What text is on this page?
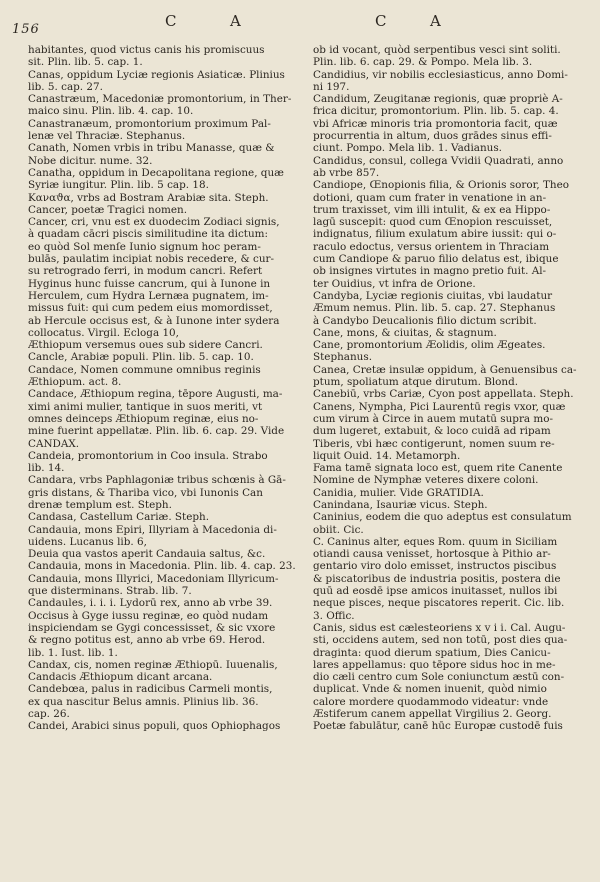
156	C	A	C	A
habitantes, quod victus canis his promiscuus
sit. Plin. lib. 5. cap. 1.
Canas, oppidum Lyciæ regionis Asiaticæ. Plinius
lib. 5. cap. 27.
Canastræum, Macedoniæ promontorium, in Ther-
maico sinu. Plin. lib. 4. cap. 10.
Canastranæum, promontorium proximum Pal-
lenæ vel Thraciæ. Stephanus.
Canath, Nomen vrbis in tribu Manasse, quæ &
Nobe dicitur. nume. 32.
Canatha, oppidum in Decapolitana regione, quæ
Syriæ iungitur. Plin. lib. 5 cap. 18.
Καναϑα, vrbs ad Bostram Arabiæ sita. Steph.
Cancer, poetæ Tragici nomen.
Cancer, cri, vnu est ex duodecim Zodiaci signis,
à quadam cācri piscis similitudine ita dictum:
eo quòd Sol menſe Iunio signum hoc peram-
bulās, paulatim incipiat nobis recedere, & cur-
su retrogrado ferri, in modum cancri. Refert
Hyginus hunc fuisse cancrum, qui à Iunone in
Herculem, cum Hydra Lernæa pugnatem, im-
missus fuit: qui cum pedem eius momordisset,
ab Hercule occisus est, & à Iunone inter sydera
collocatus. Virgil. Ecloga 10,
Æthiopum versemus oues sub sidere Cancri.
Cancle, Arabiæ populi. Plin. lib. 5. cap. 10.
Candace, Nomen commune omnibus reginis
Æthiopum. act. 8.
Candace, Æthiopum regina, tēpore Augusti, ma-
ximi animi mulier, tantique in suos meriti, vt
omnes deinceps Æthiopum reginæ, eius no-
mine fuerint appellatæ. Plin. lib. 6. cap. 29. Vide
CANDAX.
Candeia, promontorium in Coo insula. Strabo
lib. 14.
Candara, vrbs Paphlagoniæ tribus schœnis à Gā-
gris distans, & Thariba vico, vbi Iunonis Can
drenæ templum est. Steph.
Candasa, Castellum Cariæ. Steph.
Candauia, mons Epiri, Illyriam à Macedonia di-
uidens. Lucanus lib. 6,
Deuia qua vastos aperit Candauia saltus, &c.
Candauia, mons in Macedonia. Plin. lib. 4. cap. 23.
Candauia, mons Illyrici, Macedoniam Illyricum-
que disterminans. Strab. lib. 7.
Candaules, i. i. i. Lydorū rex, anno ab vrbe 39.
Occisus à Gyge iussu reginæ, eo quòd nudam
inspiciendam se Gygi concessisset, & sic vxore
& regno potitus est, anno ab vrbe 69. Herod.
lib. 1. Iust. lib. 1.
Candax, cis, nomen reginæ Æthiopū. Iuuenalis,
Candacis Æthiopum dicant arcana.
Candebœa, palus in radicibus Carmeli montis,
ex qua nascitur Belus amnis. Plinius lib. 36.
cap. 26.
Candei, Arabici sinus populi, quos Ophiophagos
ob id vocant, quòd serpentibus vesci sint soliti.
Plin. lib. 6. cap. 29. & Pompo. Mela lib. 3.
Candidius, vir nobilis ecclesiasticus, anno Domi-
ni 197.
Candidum, Zeugitanæ regionis, quæ propriè A-
frica dicitur, promontorium. Plin. lib. 5. cap. 4.
vbi Africæ minoris tria promontoria facit, quæ
procurrentia in altum, duos grādes sinus effi-
ciunt. Pompo. Mela lib. 1. Vadianus.
Candidus, consul, collega Vvidii Quadrati, anno
ab vrbe 857.
Candiope, Œnopionis filia, & Orionis soror, Theo
dotioni, quam cum frater in venatione in an-
trum traxisset, vim illi intulit, & ex ea Hippo-
lagū suscepit: quod cum Œnopion rescuisset,
indignatus, filium exulatum abire iussit: qui o-
raculo edoctus, versus orientem in Thraciam
cum Candiope & paruo filio delatus est, ibique
ob insignes virtutes in magno pretio fuit. Al-
ter Ouidius, vt infra de Orione.
Candyba, Lyciæ regionis ciuitas, vbi laudatur
Æmum nemus. Plin. lib. 5. cap. 27. Stephanus
à Candybo Deucalionis filio dictum scribit.
Cane, mons, & ciuitas, & stagnum.
Cane, promontorium Æolidis, olim Ægeates.
Stephanus.
Canea, Cretæ insulæ oppidum, à Genuensibus ca-
ptum, spoliatum atque dirutum. Blond.
Canebiū, vrbs Cariæ, Cyon post appellata. Steph.
Canens, Nympha, Pici Laurentū regis vxor, quæ
cum virum à Circe in auem mutatū supra mo-
dum lugeret, extabuit, & loco cuidā ad ripam
Tiberis, vbi hæc contigerunt, nomen suum re-
liquit Ouid. 14. Metamorph.
Fama tamē signata loco est, quem rite Canente
Nomine de Nymphæ veteres dixere coloni.
Canidia, mulier. Vide GRATIDIA.
Canindana, Isauriæ vicus. Steph.
Caninius, eodem die quo adeptus est consulatum
obiit. Cic.
C. Caninus alter, eques Rom. quum in Siciliam
otiandi causa venisset, hortosque à Pithio ar-
gentario viro dolo emisset, instructos piscibus
& piscatoribus de industria positis, postera die
quū ad eosdē ipse amicos inuitasset, nullos ibi
neque pisces, neque piscatores reperit. Cic. lib.
3. Offic.
Canis, sidus est cælesteoriens x v i i. Cal. Augu-
sti, occidens autem, sed non totū, post dies qua-
draginta: quod dierum spatium, Dies Canicu-
lares appellamus: quo tēpore sidus hoc in me-
dio cæli centro cum Sole coniunctum æstū con-
duplicat. Vnde & nomen inuenit, quòd nimio
calore mordere quodammodo videatur: vnde
Æstiferum canem appellat Virgilius 2. Georg.
Poetæ fabulātur, canē hūc Europæ custodē fuis
